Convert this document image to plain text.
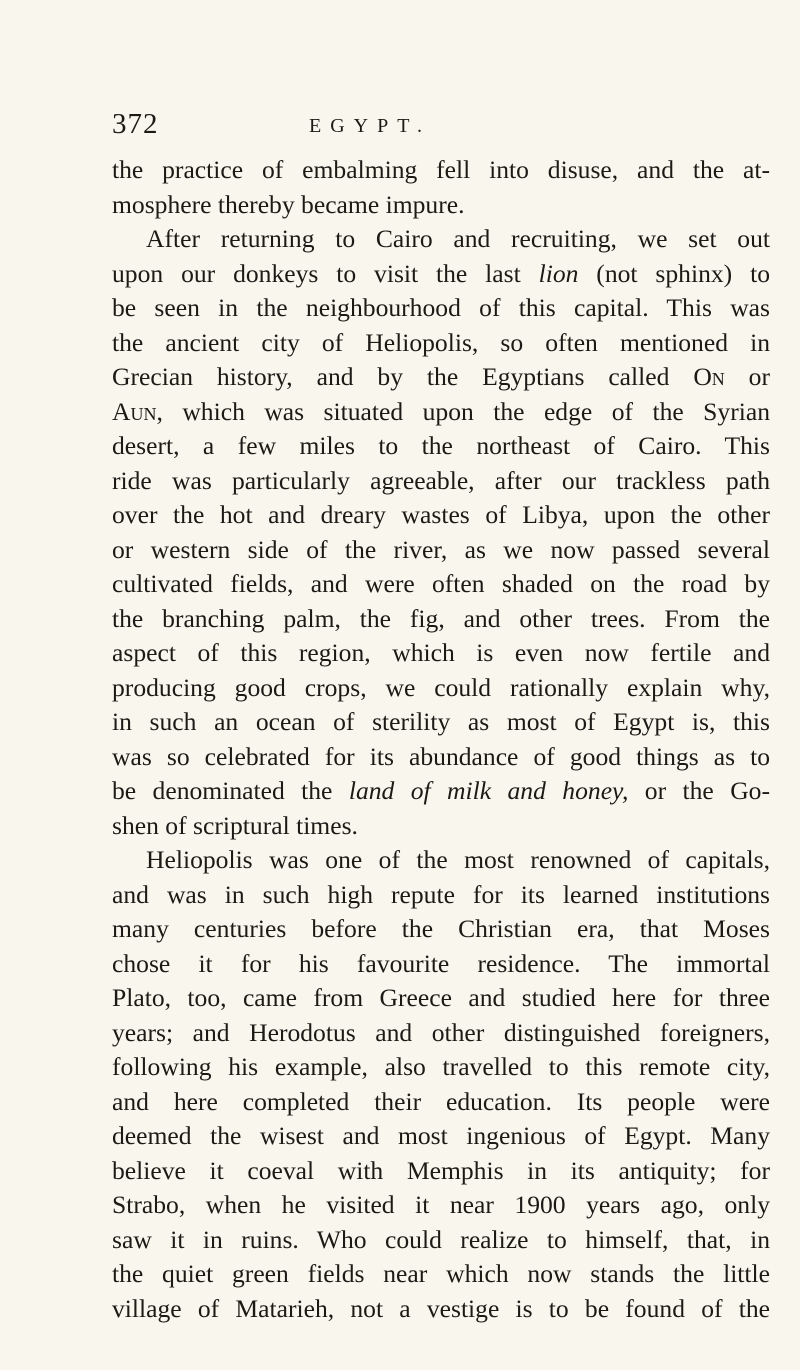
372	EGYPT.
the practice of embalming fell into disuse, and the at-
mosphere thereby became impure.
After returning to Cairo and recruiting, we set out
upon our donkeys to visit the last lion (not sphinx) to
be seen in the neighbourhood of this capital. This was
the ancient city of Heliopolis, so often mentioned in
Grecian history, and by the Egyptians called On or
Aun, which was situated upon the edge of the Syrian
desert, a few miles to the northeast of Cairo. This
ride was particularly agreeable, after our trackless path
over the hot and dreary wastes of Libya, upon the other
or western side of the river, as we now passed several
cultivated fields, and were often shaded on the road by
the branching palm, the fig, and other trees. From the
aspect of this region, which is even now fertile and
producing good crops, we could rationally explain why,
in such an ocean of sterility as most of Egypt is, this
was so celebrated for its abundance of good things as to
be denominated the land of milk and honey, or the Go-
shen of scriptural times.
Heliopolis was one of the most renowned of capitals,
and was in such high repute for its learned institutions
many centuries before the Christian era, that Moses
chose it for his favourite residence. The immortal
Plato, too, came from Greece and studied here for three
years; and Herodotus and other distinguished foreigners,
following his example, also travelled to this remote city,
and here completed their education. Its people were
deemed the wisest and most ingenious of Egypt. Many
believe it coeval with Memphis in its antiquity; for
Strabo, when he visited it near 1900 years ago, only
saw it in ruins. Who could realize to himself, that, in
the quiet green fields near which now stands the little
village of Matarieh, not a vestige is to be found of the
